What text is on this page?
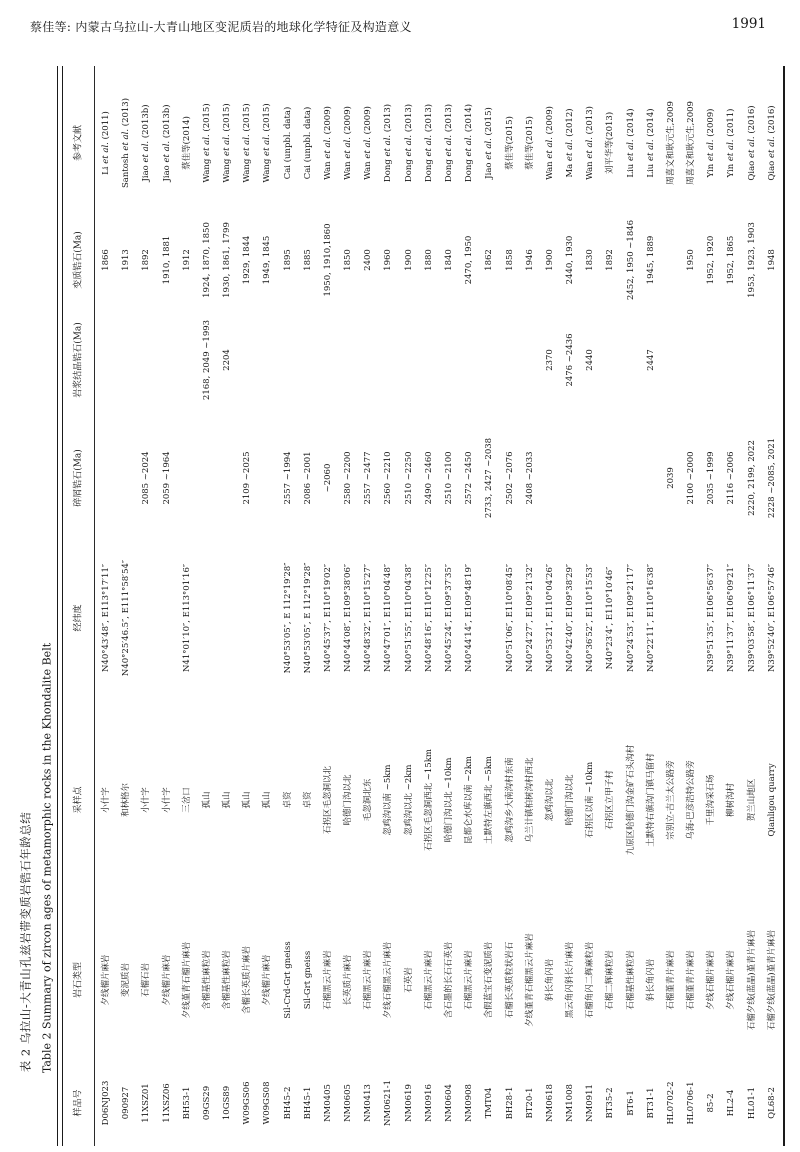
蔡佳等: 内蒙古乌拉山-大青山地区变泥质岩的地球化学特征及构造意义	1991
表 2 乌拉山-大青山孔兹岩带变质岩锆石年龄总结 Table 2 Summary of zircon ages of metamorphic rocks in the Khondalite Belt
参考文献
变质锆石(Ma)
岩浆结晶锆石(Ma)
碎屑锆石(Ma)
经纬度
采样点
岩石类型
样品号
Li et al. (2011)
1866
N40°43′48″, E113°17′11″
小什字
夕线榴片麻岩
D06NJ023
Santosh et al. (2013)
1913
N40°25′46.5″, E111°58′54″
和林格尔
变泥质岩
090927
Jiao et al. (2013b)
1892
2085 ~2024
小什字
石榴石岩
11XSZ01
Jiao et al. (2013b)
1910, 1881
2059 ~1964
小什字
夕线榴片麻岩
11XSZ06
蔡佳等(2014)
1912
N41°01′10″, E113°01′16″
三岔口
夕线堇青石榴片麻岩
BH53-1
Wang et al. (2015)
1924, 1870, 1850
2168, 2049 ~1993
孤山
含榴基性麻粒岩
09GS29
Wang et al. (2015)
1930, 1861, 1799
2204
孤山
含榴基性麻粒岩
10GS89
Wang et al. (2015)
1929, 1844
2109 ~2025
孤山
含榴长英质片麻岩
W09GS06
Wang et al. (2015)
1949, 1845
孤山
夕线榴片麻岩
W09GS08
Cai (unpbl. data)
1895
2557 ~1994
N40°53′05″, E 112°19′28″
卓资
Sil-Crd-Grt gneiss
BH45-2
Cai (unpbl. data)
1885
2086 ~2001
N40°53′05″, E 112°19′28″
卓资
Sil-Grt gneiss
BH45-1
Wan et al. (2009)
1950, 1910,1860
~2060
N40°45′37″, E110°19′02″
石拐区毛忽洞以北
石榴黑云片麻岩
NM0405
Wan et al. (2009)
1850
2580 ~2200
N40°44′08″, E109°38′06″
哈德门沟以北
长英质片麻岩
NM0605
Wan et al. (2009)
2400
2557 ~2477
N40°48′32″, E110°15′27″
毛忽洞北东
石榴黑云片麻岩
NM0413
Dong et al. (2013)
1960
2560 ~2210
N40°47′01″, E110°04′48″
忽鸡沟以南 ~5km
夕线石榴黑云片麻岩
NM0621-1
Dong et al. (2013)
1900
2510 ~2250
N40°51′55″, E110°04′38″
忽鸡沟以北 ~2km
石英岩
NM0619
Dong et al. (2013)
1880
2490 ~2460
N40°48′16″, E110°12′25″
石拐区毛忽洞西北 ~15km
石榴黑云片麻岩
NM0916
Dong et al. (2013)
1840
2510 ~2100
N40°45′24″, E109°37′35″
哈德门沟以北 ~10km
含石墨的长石石英岩
NM0604
Dong et al. (2014)
2470, 1950
2572 ~2450
N40°44′14″, E109°48′19″
昆都仑水库以南 ~2km
石榴黑云片麻岩
NM0908
Jiao et al. (2015)
1862
2733, 2427 ~2038
土默特左旗西北 ~5km
含假蓝宝石变泥质岩
TMT04
蔡佳等(2015)
1858
2502 ~2076
N40°51′06″, E110°08′45″
忽鸡沟乡大南沟村东南
石榴长英质粒状岩石
BH28-1
蔡佳等(2015)
1946
2408 ~2033
N40°24′27″, E109°21′32″
乌兰计镇柏树沟村西北
夕线堇青石榴黑云片麻岩
BT20-1
Wan et al. (2009)
1900
2370
N40°53′21″, E110°04′26″
忽鸡沟以北
斜长角闪岩
NM0618
Ma et al. (2012)
2440, 1930
2476 ~2436
N40°42′40″, E109°38′29″
哈德门沟以北
黑云角闪斜长片麻岩
NM1008
Wan et al. (2013)
1830
2440
N40°36′52″, E110°15′53″
石拐区以南 ~10km
石榴角闪二辉麻粒岩
NM0911
刘平华等(2013)
1892
N40°23′4″, E110°10′46″
石拐区立甲子村
石榴二辉麻粒岩
BT35-2
Liu et al. (2014)
2452, 1950 ~1846
N40°24′53″, E109°21′17″
九原区哈德门沟金矿石头沟村
石榴基性麻粒岩
BT6-1
Liu et al. (2014)
1945, 1889
2447
N40°22′11″, E110°16′38″
土默特右旗沟门镇马留村
斜长角闪岩
BT31-1
周喜文和耿元生,2009
2039
宗别立-吉兰太公路旁
石榴堇青片麻岩
HL0702-2
周喜文和耿元生,2009
1950
2100 ~2000
乌海-巴彦浩特公路旁
石榴堇青片麻岩
HL0706-1
Yin et al. (2009)
1952, 1920
2035 ~1999
N39°51′35″, E106°56′37″
千里沟采石场
夕线石榴片麻岩
85-2
Yin et al. (2011)
1952, 1865
2116 ~2006
N39°11′37″, E106°09′21″
柳树沟村
夕线石榴片麻岩
HL2-4
Qiao et al. (2016)
1953, 1923, 1903
2220, 2199, 2022
N39°03′58″, E106°11′37″
贺兰山地区
石榴夕线(蓝晶)堇青片麻岩
HL01-1
Qiao et al. (2016)
1948
2228 ~2085, 2021
N39°52′40″, E106°57′46″
Qianligou quarry
石榴夕线(蓝晶)堇青片麻岩
QL68-2
